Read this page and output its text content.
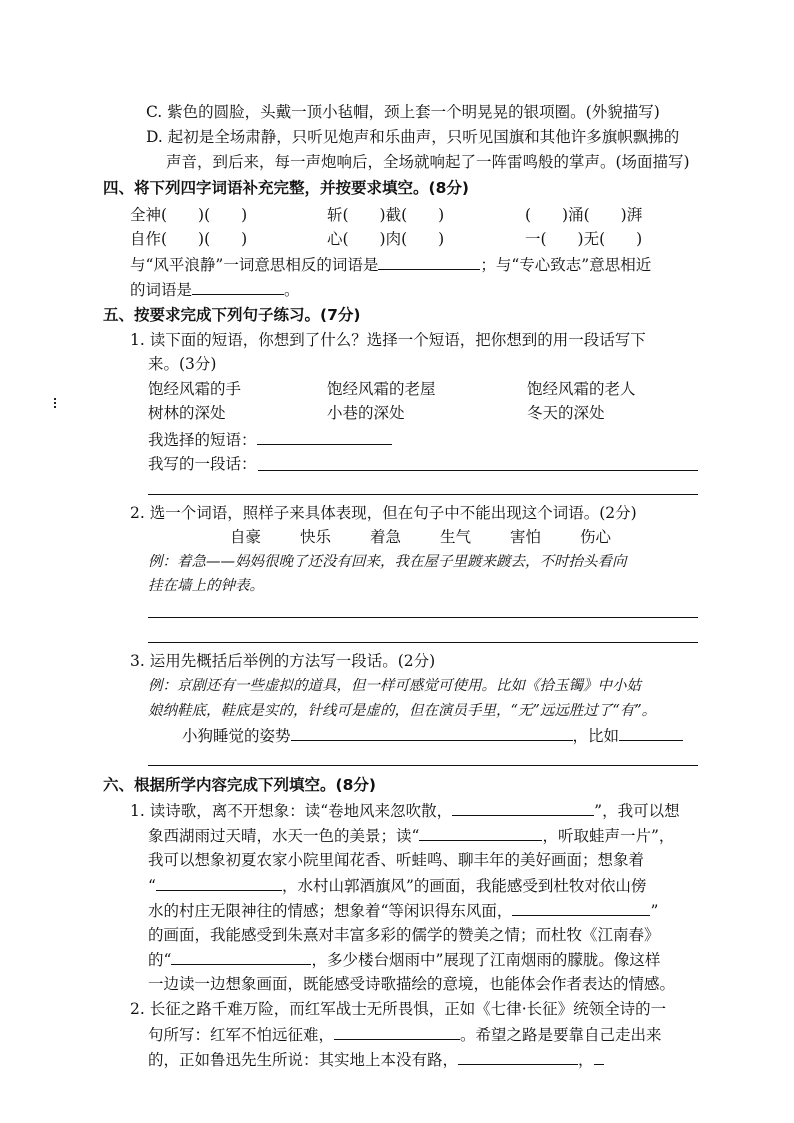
C. 紫色的圆脸，头戴一顶小毡帽，颈上套一个明晃晃的银项圈。(外貌描写)
D. 起初是全场肃静，只听见炮声和乐曲声，只听见国旗和其他许多旗帜飘拂的
声音，到后来，每一声炮响后，全场就响起了一阵雷鸣般的掌声。(场面描写)
四、将下列四字词语补充完整，并按要求填空。(8分)
全神(　　)(　　)	斩(　　)截(　　)	(　　)涌(　　)湃
自作(　　)(　　)	心(　　)肉(　　)	一(　　)无(　　)
与“风平浪静”一词意思相反的词语是	；与“专心致志”意思相近
的词语是	。
五、按要求完成下列句子练习。(7分)
1. 读下面的短语，你想到了什么？选择一个短语，把你想到的用一段话写下
来。(3分)
饱经风霜的手	饱经风霜的老屋	饱经风霜的老人
树林的深处	小巷的深处	冬天的深处
我选择的短语：
我写的一段话：
2. 选一个词语，照样子来具体表现，但在句子中不能出现这个词语。(2分)
自豪	快乐	着急	生气	害怕	伤心
例：着急——妈妈很晚了还没有回来，我在屋子里踱来踱去，不时抬头看向
挂在墙上的钟表。
3. 运用先概括后举例的方法写一段话。(2分)
例：京剧还有一些虚拟的道具，但一样可感觉可使用。比如《拾玉镯》中小姑
娘纳鞋底，鞋底是实的，针线可是虚的，但在演员手里，“无”远远胜过了“有”。
小狗睡觉的姿势	，比如
六、根据所学内容完成下列填空。(8分)
1. 读诗歌，离不开想象：读“卷地风来忽吹散，	”，我可以想
象西湖雨过天晴，水天一色的美景；读“	，听取蛙声一片”，
我可以想象初夏农家小院里闻花香、听蛙鸣、聊丰年的美好画面；想象着
“	，水村山郭酒旗风”的画面，我能感受到杜牧对依山傍
水的村庄无限神往的情感；想象着“等闲识得东风面，	”
的画面，我能感受到朱熹对丰富多彩的儒学的赞美之情；而杜牧《江南春》
的“	，多少楼台烟雨中”展现了江南烟雨的朦胧。像这样
一边读一边想象画面，既能感受诗歌描绘的意境，也能体会作者表达的情感。
2. 长征之路千难万险，而红军战士无所畏惧，正如《七律·长征》统领全诗的一
句所写：红军不怕远征难，	。希望之路是要靠自己走出来
的，正如鲁迅先生所说：其实地上本没有路，	，
